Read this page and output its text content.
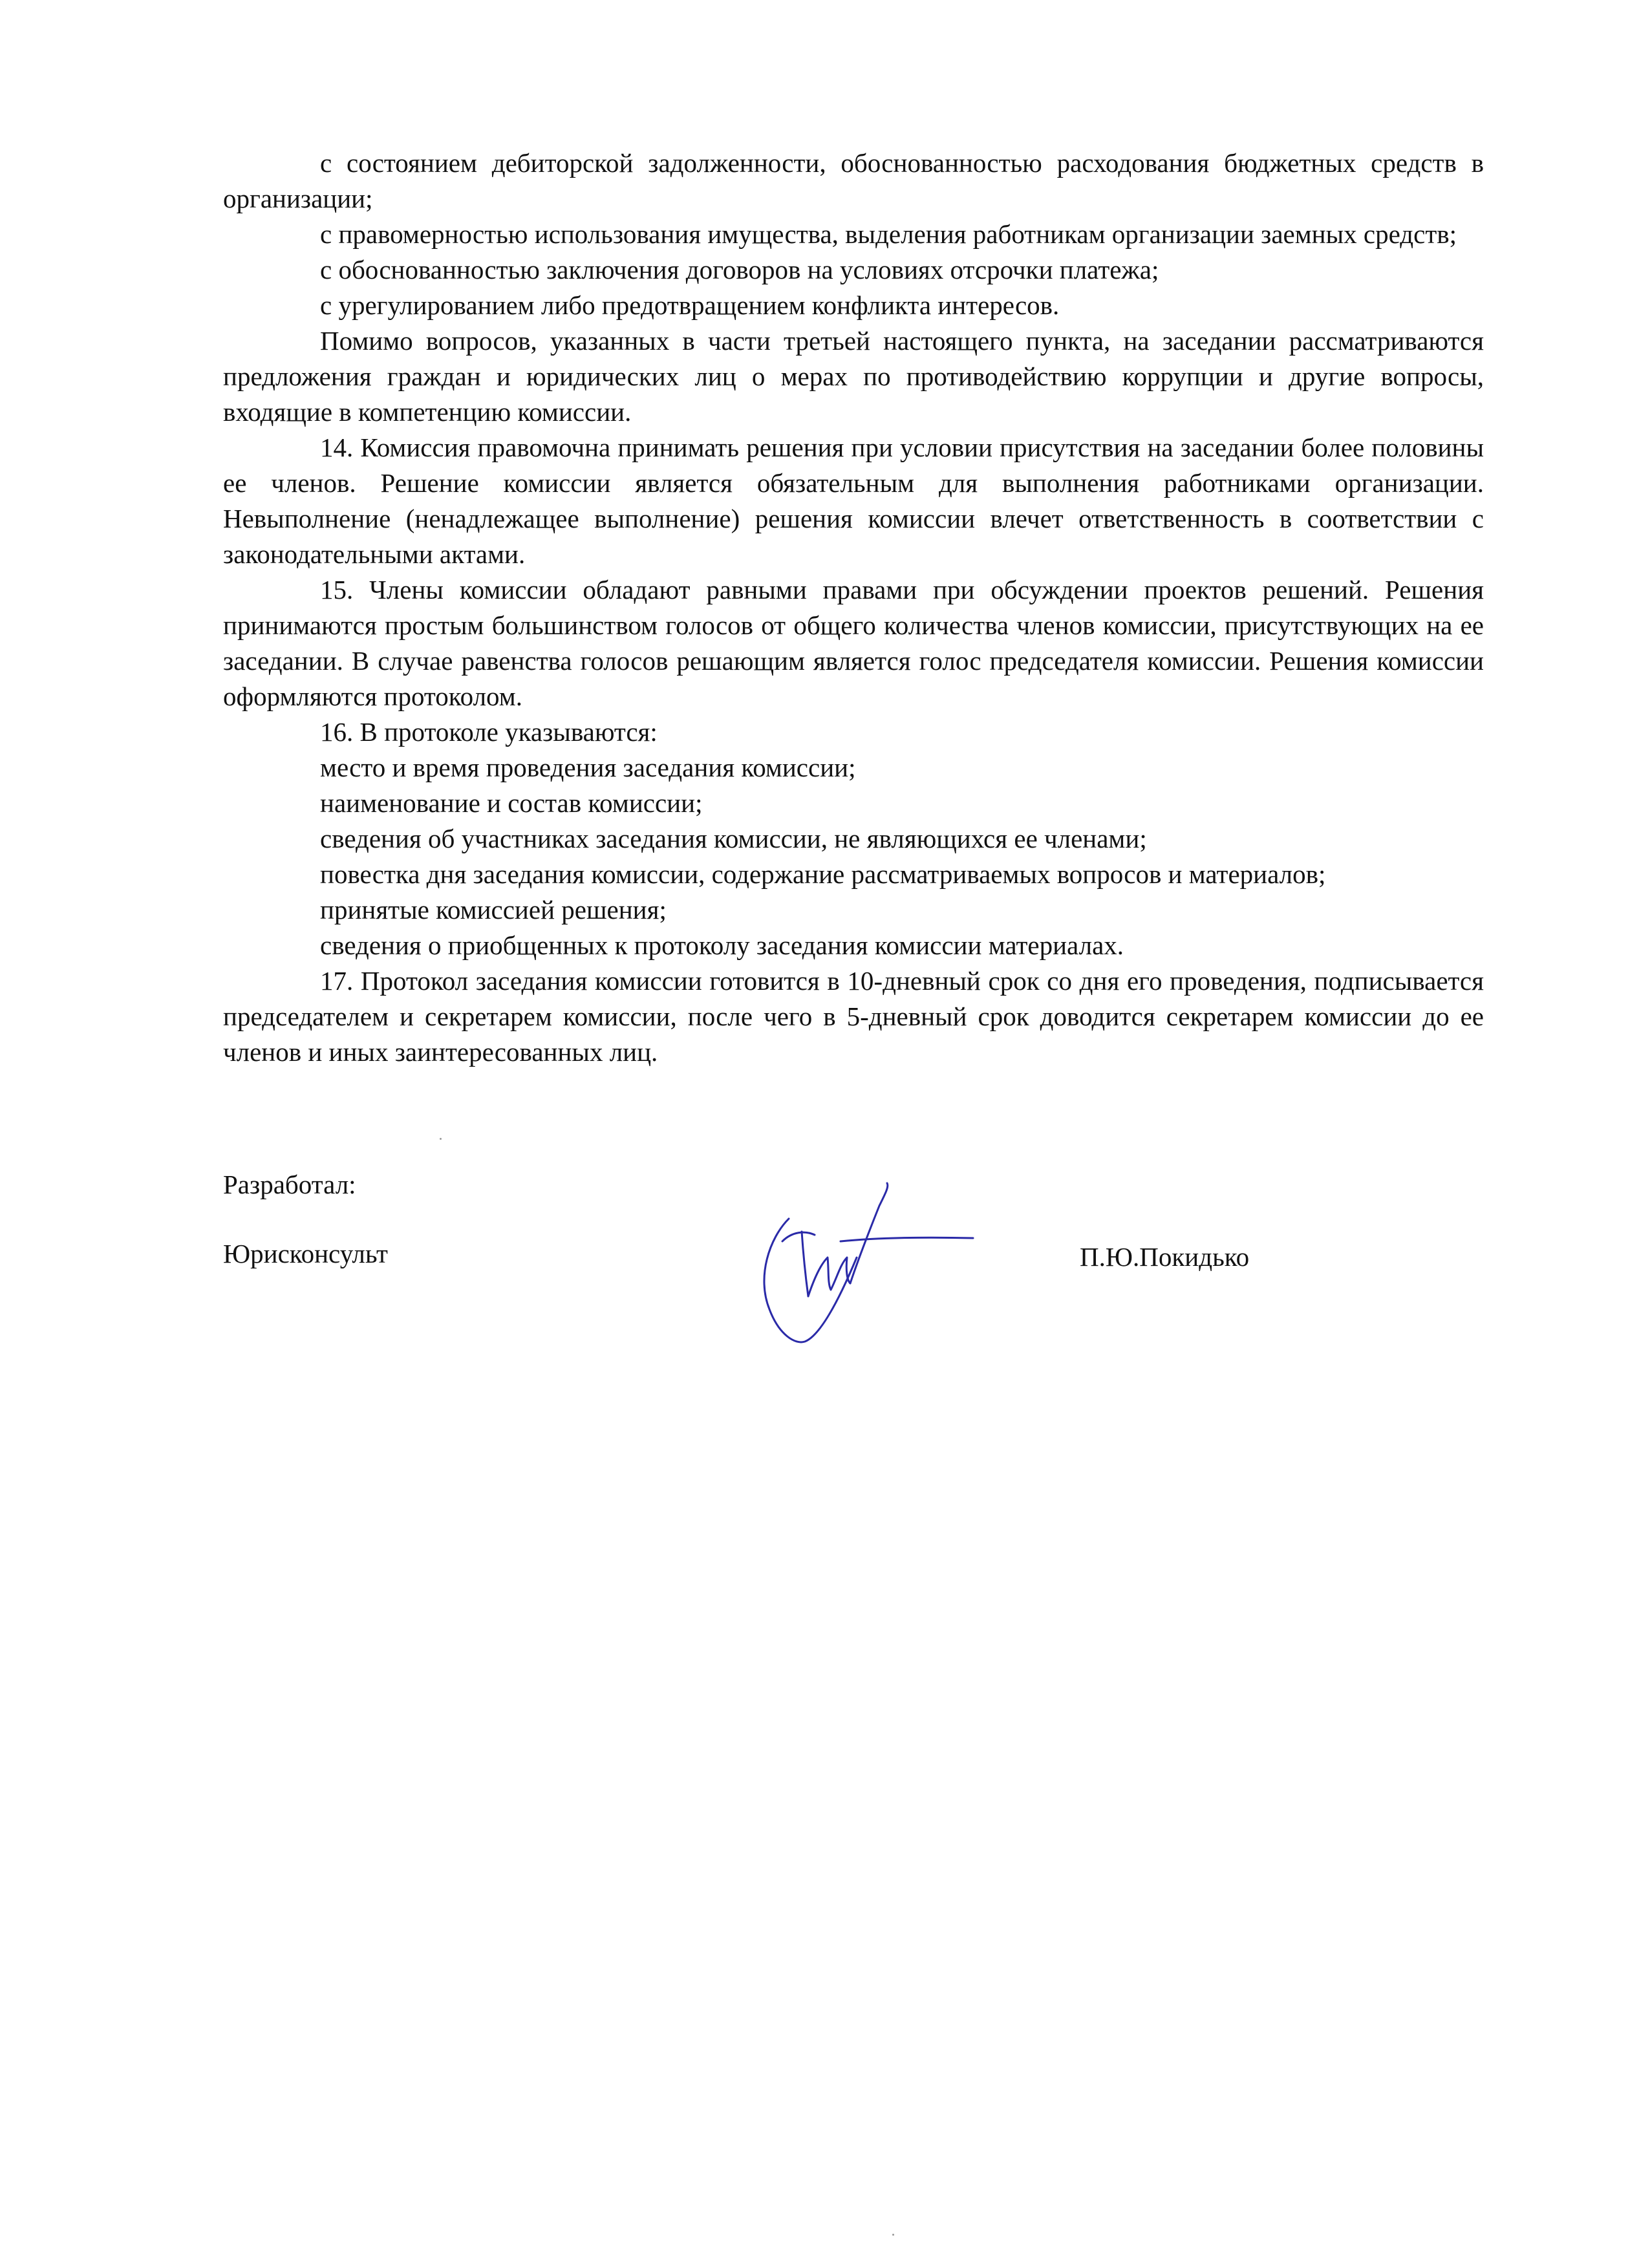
с состоянием дебиторской задолженности, обоснованностью расходования бюджетных средств в организации;

с правомерностью использования имущества, выделения работникам организации заемных средств;

с обоснованностью заключения договоров на условиях отсрочки платежа;

с урегулированием либо предотвращением конфликта интересов.

Помимо вопросов, указанных в части третьей настоящего пункта, на заседании рассматриваются предложения граждан и юридических лиц о мерах по противодействию коррупции и другие вопросы, входящие в компетенцию комиссии.

14. Комиссия правомочна принимать решения при условии присутствия на заседании более половины ее членов. Решение комиссии является обязательным для выполнения работниками организации. Невыполнение (ненадлежащее выполнение) решения комиссии влечет ответственность в соответствии с законодательными актами.

15. Члены комиссии обладают равными правами при обсуждении проектов решений. Решения принимаются простым большинством голосов от общего количества членов комиссии, присутствующих на ее заседании. В случае равенства голосов решающим является голос председателя комиссии. Решения комиссии оформляются протоколом.

16. В протоколе указываются:

место и время проведения заседания комиссии;

наименование и состав комиссии;

сведения об участниках заседания комиссии, не являющихся ее членами;

повестка дня заседания комиссии, содержание рассматриваемых вопросов и материалов;

принятые комиссией решения;

сведения о приобщенных к протоколу заседания комиссии материалах.

17. Протокол заседания комиссии готовится в 10-дневный срок со дня его проведения, подписывается председателем и секретарем комиссии, после чего в 5-дневный срок доводится секретарем комиссии до ее членов и иных заинтересованных лиц.

Разработал:
Юрисконсульт	П.Ю.Покидько
